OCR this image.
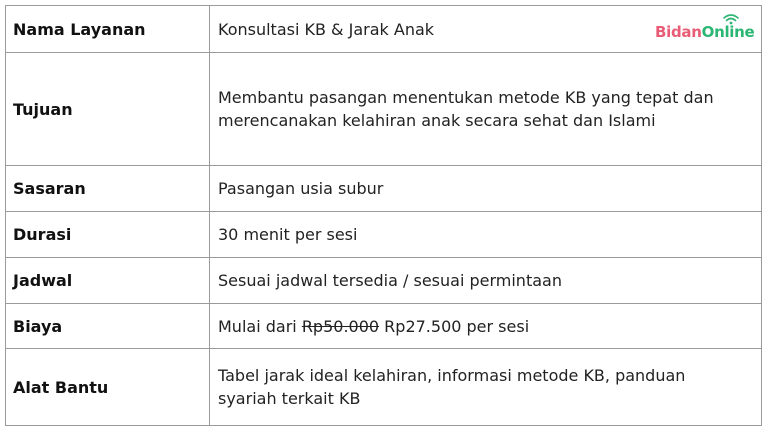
Nama Layanan	Konsultasi KB & Jarak Anak
Tujuan	Membantu pasangan menentukan metode KB yang tepat dan
merencanakan kelahiran anak secara sehat dan Islami

Sasaran	Pasangan usia subur
Durasi	30 menit per sesi
Jadwal	Sesuai jadwal tersedia / sesuai permintaan
Biaya	Mulai dari Rp50.000 Rp27.500 per sesi
Alat Bantu	Tabel jarak ideal kelahiran, informasi metode KB, panduan
syariah terkait KB
BidanOnline
